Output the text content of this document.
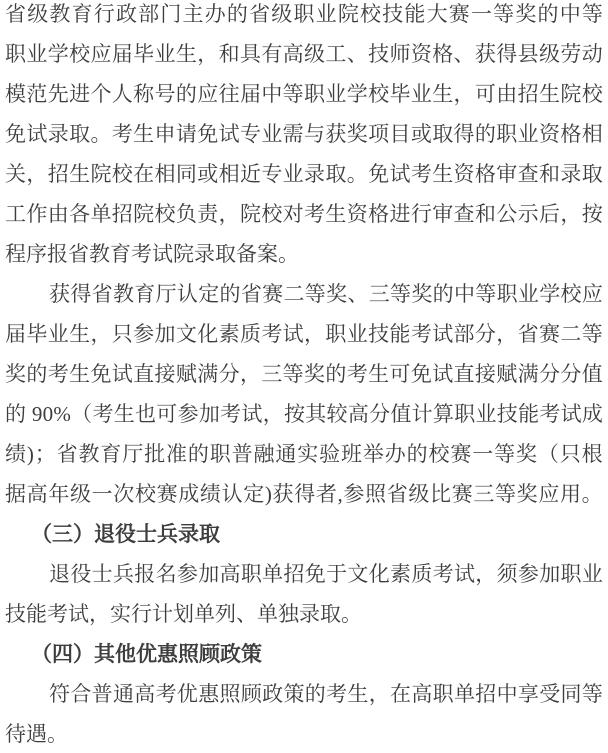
省 级 教 育 行 政 部 门 主 办 的 省 级 职 业 院 校 技 能 大 赛 一 等 奖 的 中 等
职 业 学 校 应 届 毕 业 生 ， 和 具 有 高 级 工 、 技 师 资 格 、 获 得 县 级 劳 动
模 范 先 进 个 人 称 号 的 应 往 届 中 等 职 业 学 校 毕 业 生 ， 可 由 招 生 院 校
免 试 录 取 。 考 生 申 请 免 试 专 业 需 与 获 奖 项 目 或 取 得 的 职 业 资 格 相
关 ， 招 生 院 校 在 相 同 或 相 近 专 业 录 取 。 免 试 考 生 资 格 审 查 和 录 取
工 作 由 各 单 招 院 校 负 责 ， 院 校 对 考 生 资 格 进 行 审 查 和 公 示 后 ， 按
程序报省教育考试院录取备案。
获 得 省 教 育 厅 认 定 的 省 赛 二 等 奖 、 三 等 奖 的 中 等 职 业 学 校 应
届 毕 业 生 ， 只 参 加 文 化 素 质 考 试 ， 职 业 技 能 考 试 部 分 ， 省 赛 二 等
奖 的 考 生 免 试 直 接 赋 满 分 ， 三 等 奖 的 考 生 可 免 试 直 接 赋 满 分 分 值
的
9 0 % （ 考 生 也 可 参 加 考 试 ， 按 其 较 高 分 值 计 算 职 业 技 能 考 试 成
绩 ) ； 省 教 育 厅 批 准 的 职 普 融 通 实 验 班 举 办 的 校 赛 一 等 奖 （ 只 根
据 高 年 级 一 次 校 赛 成 绩 认 定 ) 获 得 者 , 参 照 省 级 比 赛 三 等 奖 应 用 。
（三）退役士兵录取
退 役 士 兵 报 名 参 加 高 职 单 招 免 于 文 化 素 质 考 试 ， 须 参 加 职 业
技能考试，实行计划单列、单独录取。
（四）其他优惠照顾政策
符 合 普 通 高 考 优 惠 照 顾 政 策 的 考 生 ， 在 高 职 单 招 中 享 受 同 等
待遇。
